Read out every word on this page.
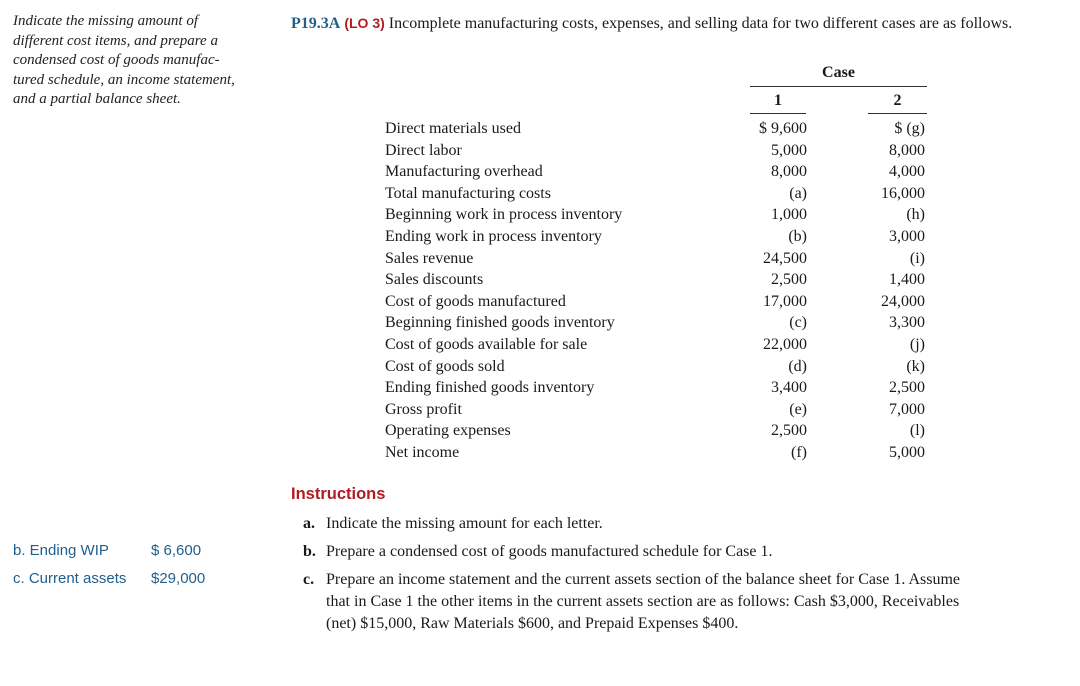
Indicate the missing amount of
different cost items, and prepare a
condensed cost of goods manufac-
tured schedule, an income statement,
and a partial balance sheet.
P19.3A (LO 3) Incomplete manufacturing costs, expenses, and selling data for two different cases are as follows.
Case
1	2
Direct materials used	$ 9,600	$ (g)
Direct labor	5,000	8,000
Manufacturing overhead	8,000	4,000
Total manufacturing costs	(a)	16,000
Beginning work in process inventory	1,000	(h)
Ending work in process inventory	(b)	3,000
Sales revenue	24,500	(i)
Sales discounts	2,500	1,400
Cost of goods manufactured	17,000	24,000
Beginning finished goods inventory	(c)	3,300
Cost of goods available for sale	22,000	(j)
Cost of goods sold	(d)	(k)
Ending finished goods inventory	3,400	2,500
Gross profit	(e)	7,000
Operating expenses	2,500	(l)
Net income	(f)	5,000
Instructions
a. Indicate the missing amount for each letter.
b. Prepare a condensed cost of goods manufactured schedule for Case 1.
c. Prepare an income statement and the current assets section of the balance sheet for Case 1. Assume
that in Case 1 the other items in the current assets section are as follows: Cash $3,000, Receivables
(net) $15,000, Raw Materials $600, and Prepaid Expenses $400.
b. Ending WIP	$ 6,600
c. Current assets $29,000
